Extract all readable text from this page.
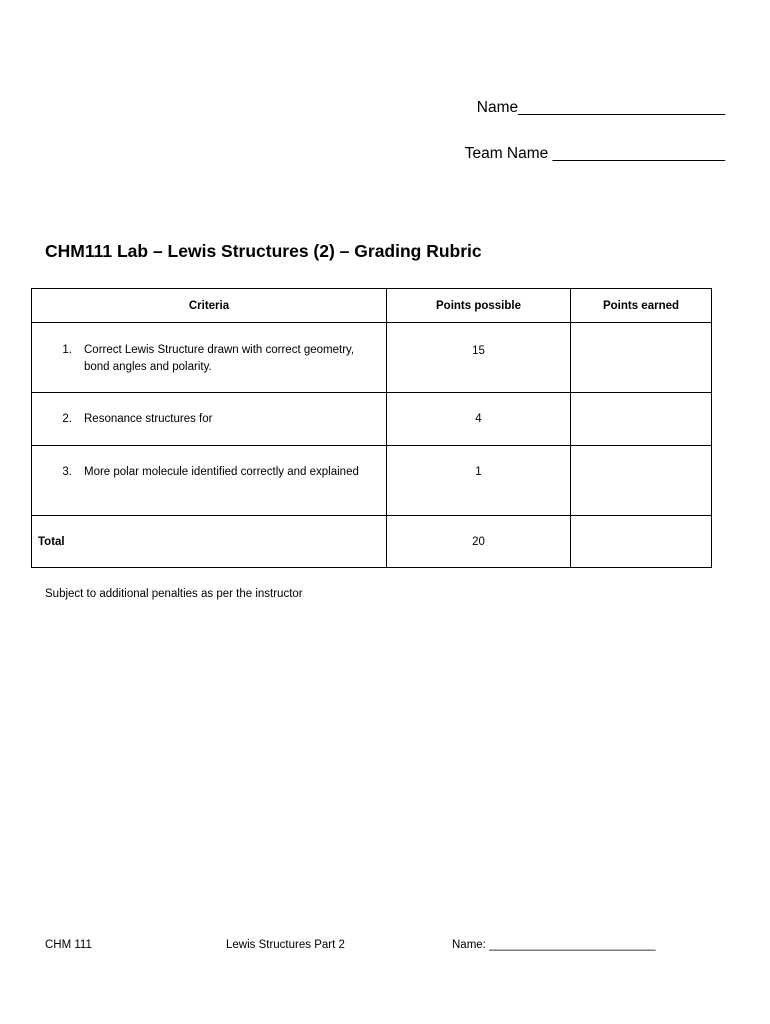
Name________________________
Team Name ____________________
CHM111 Lab – Lewis Structures (2) – Grading Rubric
Criteria	Points possible	Points earned

1. Correct Lewis Structure drawn with correct geometry, bond angles and polarity.	15	

2. Resonance structures for	4	

3. More polar molecule identified correctly and explained	1	

Total	20	

Subject to additional penalties as per the instructor
CHM 111	Lewis Structures Part 2	Name: __________________________
